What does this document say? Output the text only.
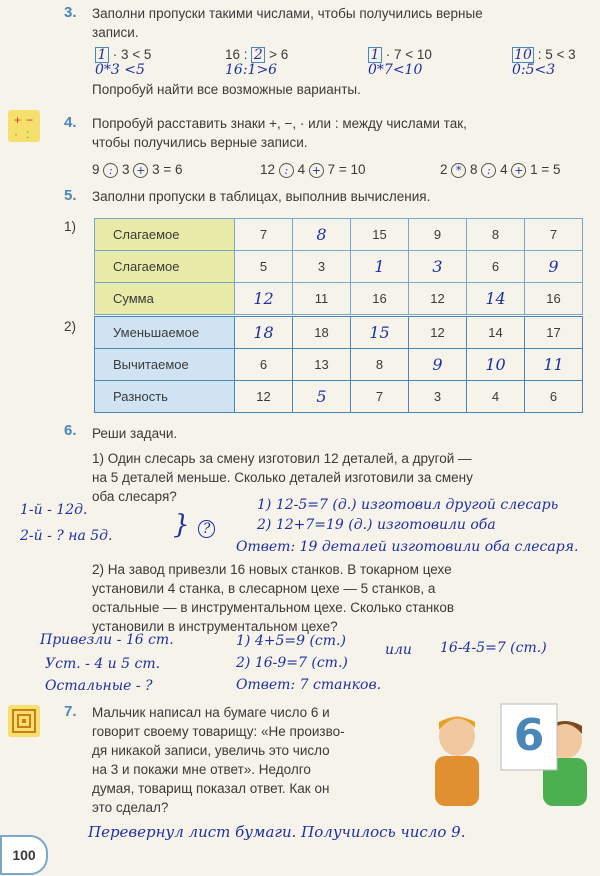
3. Заполни пропуски такими числами, чтобы получились верные
записи.
1 · 3 < 5
0*3 <5
16 : 2 > 6
16:1>6
1 · 7 < 10
0*7<10
10 : 5 < 3
0:5<3
Попробуй найти все возможные варианты.
+ −
· :
4. Попробуй расставить знаки +, −, · или : между числами так,
чтобы получились верные записи.
9 : 3 + 3 = 6	12 : 4 + 7 = 10	2 * 8 : 4 + 1 = 5
5. Заполни пропуски в таблицах, выполнив вычисления.
1)
Слагаемое	7	8	15	9	8	7
Слагаемое	5	3	1	3	6	9
Сумма	12	11	16	12	14	16
2)	Уменьшаемое	18	18	15	12	14	17
Вычитаемое	6	13	8	9	10	11
Разность	12	5	7	3	4	6
6. Реши задачи.
1) Один слесарь за смену изготовил 12 деталей, а другой —
на 5 деталей меньше. Сколько деталей изготовили за смену
оба слесаря?
1-й - 12д.
2-й - ? на 5д. } ?
1) 12-5=7 (д.) изготовил другой слесарь
2) 12+7=19 (д.) изготовили оба
Ответ: 19 деталей изготовили оба слесаря.
2) На завод привезли 16 новых станков. В токарном цехе
установили 4 станка, в слесарном цехе — 5 станков, а
остальные — в инструментальном цехе. Сколько станков
установили в инструментальном цехе?
Привезли - 16 ст.
Уст. - 4 и 5 ст.
Остальные - ?
1) 4+5=9 (ст.)
2) 16-9=7 (ст.)
Ответ: 7 станков.
или 16-4-5=7 (ст.)
7. Мальчик написал на бумаге число 6 и
говорит своему товарищу: «Не произво-
дя никакой записи, увеличь это число
на 3 и покажи мне ответ». Недолго
думая, товарищ показал ответ. Как он
это сделал?
6
Перевернул лист бумаги. Получилось число 9.
100
